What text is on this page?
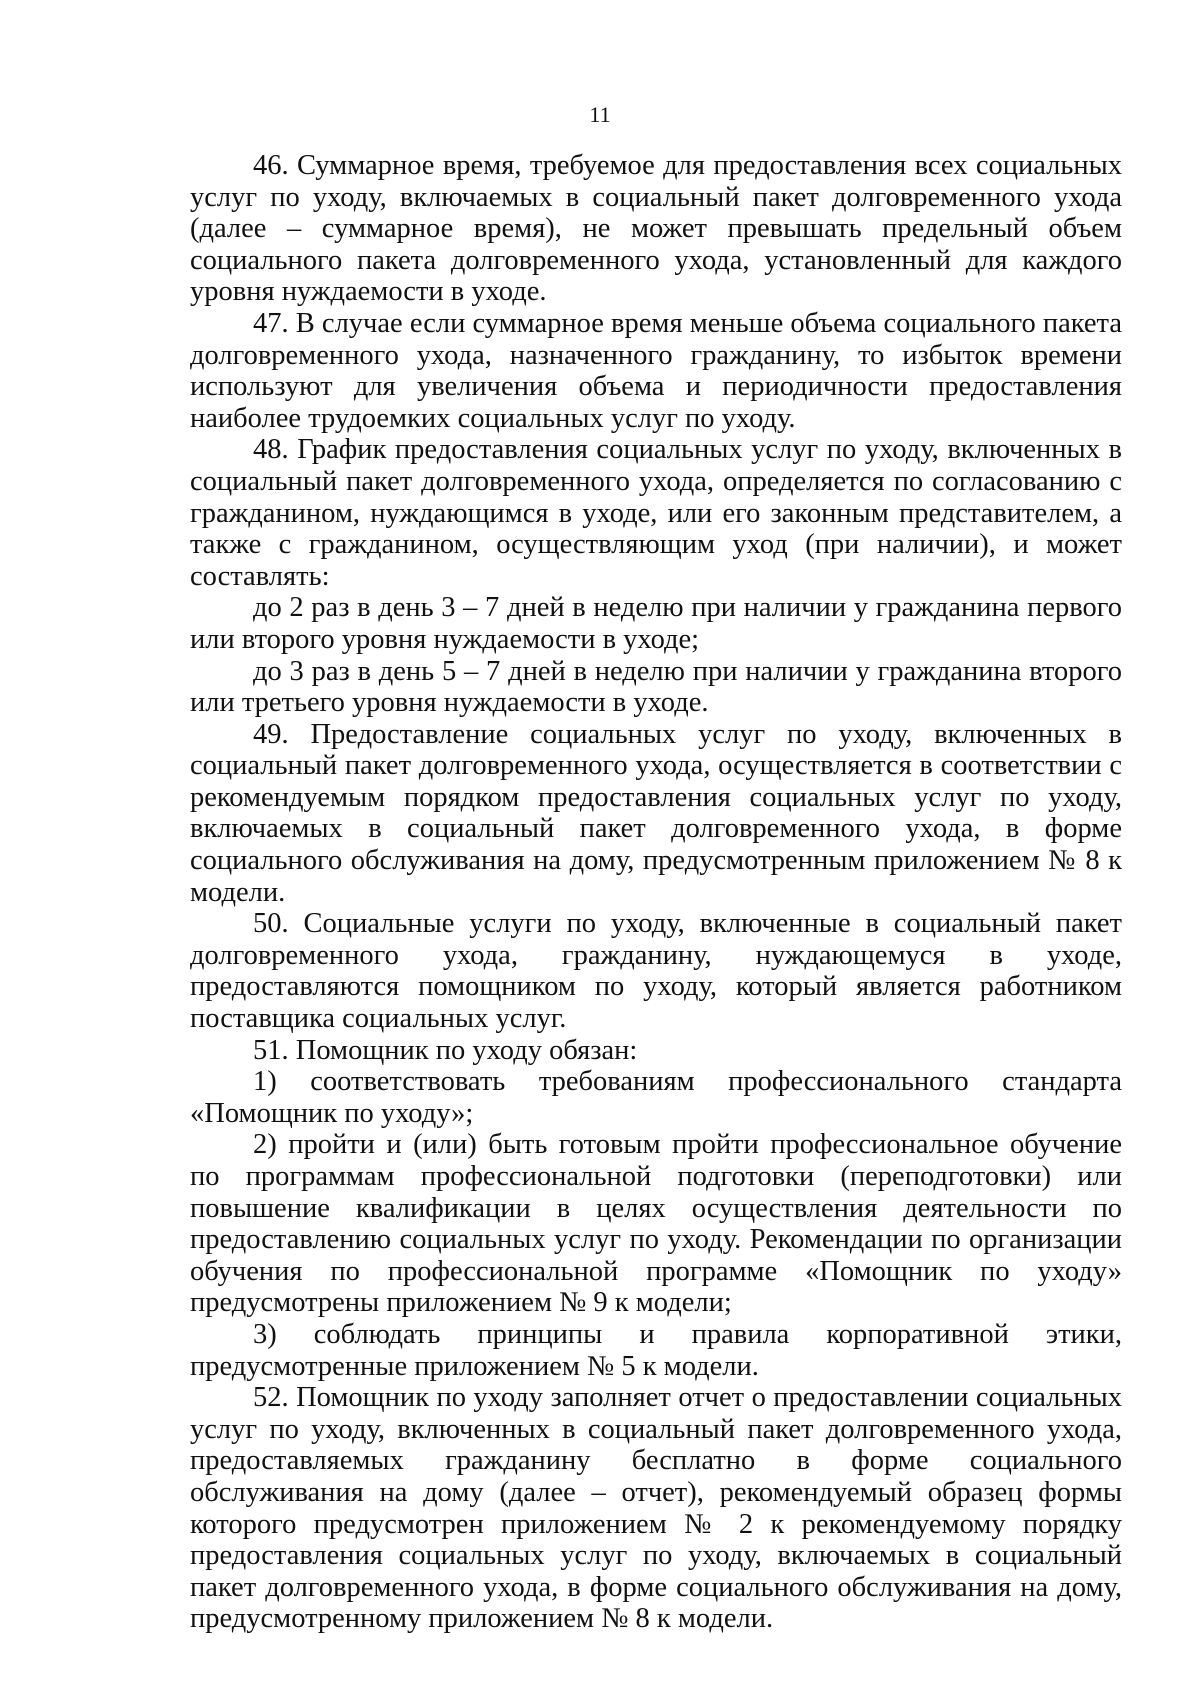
11

46. Суммарное время, требуемое для предоставления всех социальных услуг по уходу, включаемых в социальный пакет долговременного ухода (далее – суммарное время), не может превышать предельный объем социального пакета долговременного ухода, установленный для каждого уровня нуждаемости в уходе.

47. В случае если суммарное время меньше объема социального пакета долговременного ухода, назначенного гражданину, то избыток времени используют для увеличения объема и периодичности предоставления наиболее трудоемких социальных услуг по уходу.

48. График предоставления социальных услуг по уходу, включенных в социальный пакет долговременного ухода, определяется по согласованию с гражданином, нуждающимся в уходе, или его законным представителем, а также с гражданином, осуществляющим уход (при наличии), и может составлять:

до 2 раз в день 3 – 7 дней в неделю при наличии у гражданина первого или второго уровня нуждаемости в уходе;

до 3 раз в день 5 – 7 дней в неделю при наличии у гражданина второго или третьего уровня нуждаемости в уходе.

49. Предоставление социальных услуг по уходу, включенных в социальный пакет долговременного ухода, осуществляется в соответствии с рекомендуемым порядком предоставления социальных услуг по уходу, включаемых в социальный пакет долговременного ухода, в форме социального обслуживания на дому, предусмотренным приложением № 8 к модели.

50. Социальные услуги по уходу, включенные в социальный пакет долговременного ухода, гражданину, нуждающемуся в уходе, предоставляются помощником по уходу, который является работником поставщика социальных услуг.

51. Помощник по уходу обязан:

1) соответствовать требованиям профессионального стандарта «Помощник по уходу»;

2) пройти и (или) быть готовым пройти профессиональное обучение по программам профессиональной подготовки (переподготовки) или повышение квалификации в целях осуществления деятельности по предоставлению социальных услуг по уходу. Рекомендации по организации обучения по профессиональной программе «Помощник по уходу» предусмотрены приложением № 9 к модели;

3) соблюдать принципы и правила корпоративной этики, предусмотренные приложением № 5 к модели.

52. Помощник по уходу заполняет отчет о предоставлении социальных услуг по уходу, включенных в социальный пакет долговременного ухода, предоставляемых гражданину бесплатно в форме социального обслуживания на дому (далее – отчет), рекомендуемый образец формы которого предусмотрен приложением № 2 к рекомендуемому порядку предоставления социальных услуг по уходу, включаемых в социальный пакет долговременного ухода, в форме социального обслуживания на дому, предусмотренному приложением № 8 к модели.
